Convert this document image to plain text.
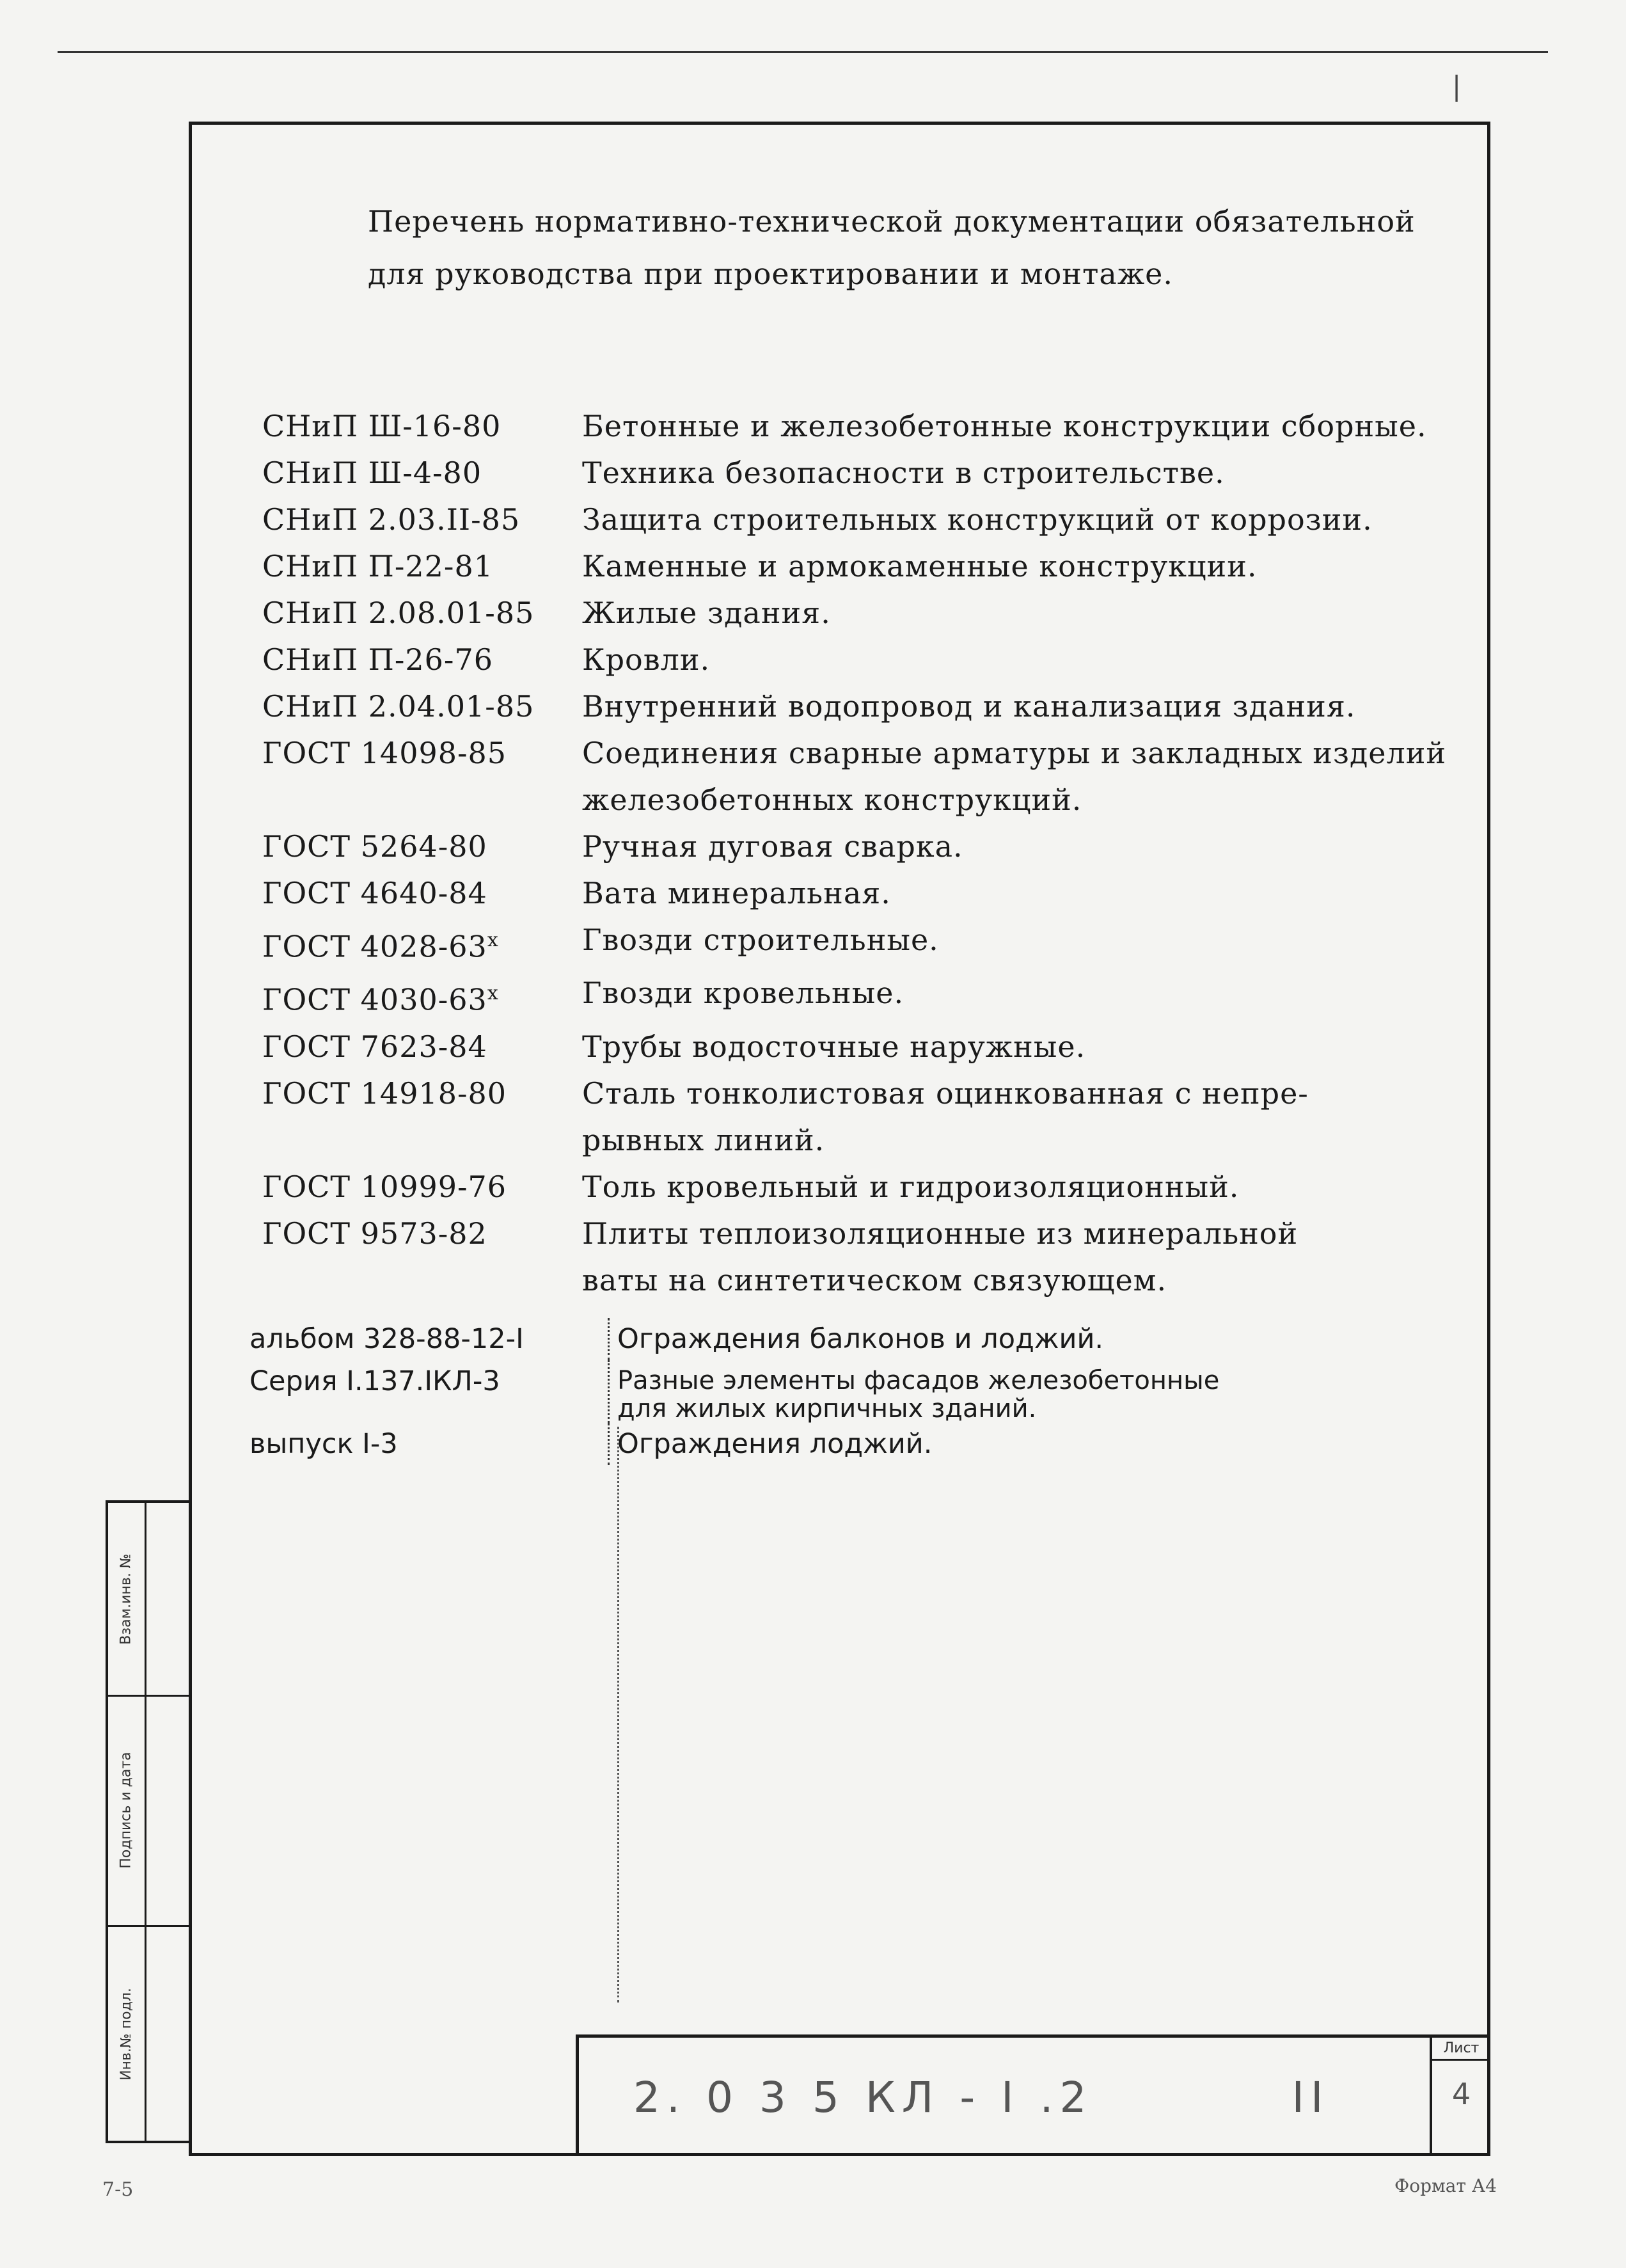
|
Перечень нормативно-технической документации обязательной для руководства при проектировании и монтаже.
СНиП Ш-16-80	Бетонные и железобетонные конструкции сборные.
СНиП Ш-4-80	Техника безопасности в строительстве.
СНиП 2.03.II-85	Защита строительных конструкций от коррозии.
СНиП П-22-81	Каменные и армокаменные конструкции.
СНиП 2.08.01-85	Жилые здания.
СНиП П-26-76	Кровли.
СНиП 2.04.01-85	Внутренний водопровод и канализация здания.
ГОСТ 14098-85	Соединения сварные арматуры и закладных изделий
железобетонных конструкций.
ГОСТ 5264-80	Ручная дуговая сварка.
ГОСТ 4640-84	Вата минеральная.
ГОСТ $4028-63^х$	Гвозди строительные.
ГОСТ $4030-63^х$	Гвозди кровельные.
ГОСТ 7623-84	Трубы водосточные наружные.
ГОСТ 14918-80	Сталь тонколистовая оцинкованная с непре-
рывных линий.
ГОСТ 10999-76	Толь кровельный и гидроизоляционный.
ГОСТ 9573-82	Плиты теплоизоляционные из минеральной
ваты на синтетическом связующем.
альбом 328-88-12-I	Ограждения балконов и лоджий.
Серия I.137.IКЛ-3	Разные элементы фасадов железобетонные
для жилых кирпичных зданий.
выпуск I-3	Ограждения лоджий.
Взам.инв. №
Подпись и дата
Инв.№ подл.
2. 0 3 5 КЛ - I .2	II
Лист
4
7-5	Формат А4
